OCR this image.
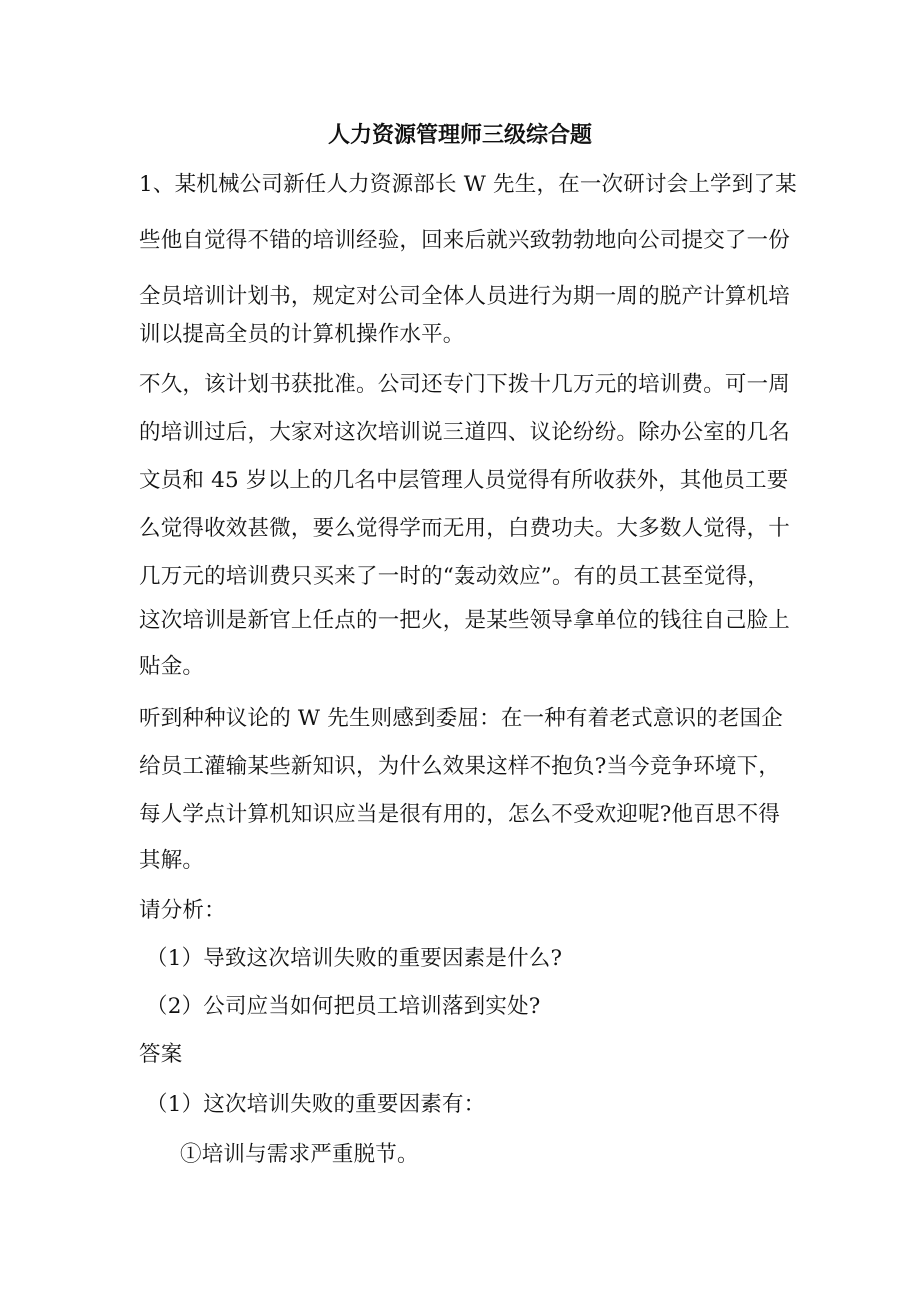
人力资源管理师三级综合题
1、某机械公司新任人力资源部长 W 先生，在一次研讨会上学到了某
些他自觉得不错的培训经验，回来后就兴致勃勃地向公司提交了一份
全员培训计划书，规定对公司全体人员进行为期一周的脱产计算机培
训以提高全员的计算机操作水平。
不久，该计划书获批准。公司还专门下拨十几万元的培训费。可一周
的培训过后，大家对这次培训说三道四、议论纷纷。除办公室的几名
文员和 45 岁以上的几名中层管理人员觉得有所收获外，其他员工要
么觉得收效甚微，要么觉得学而无用，白费功夫。大多数人觉得，十
几万元的培训费只买来了一时的“轰动效应”。有的员工甚至觉得，
这次培训是新官上任点的一把火，是某些领导拿单位的钱往自己脸上
贴金。
听到种种议论的 W 先生则感到委屈：在一种有着老式意识的老国企
给员工灌输某些新知识，为什么效果这样不抱负?当今竞争环境下，
每人学点计算机知识应当是很有用的，怎么不受欢迎呢?他百思不得
其解。
请分析：
（1）导致这次培训失败的重要因素是什么?
（2）公司应当如何把员工培训落到实处?
答案
（1）这次培训失败的重要因素有：
①培训与需求严重脱节。
